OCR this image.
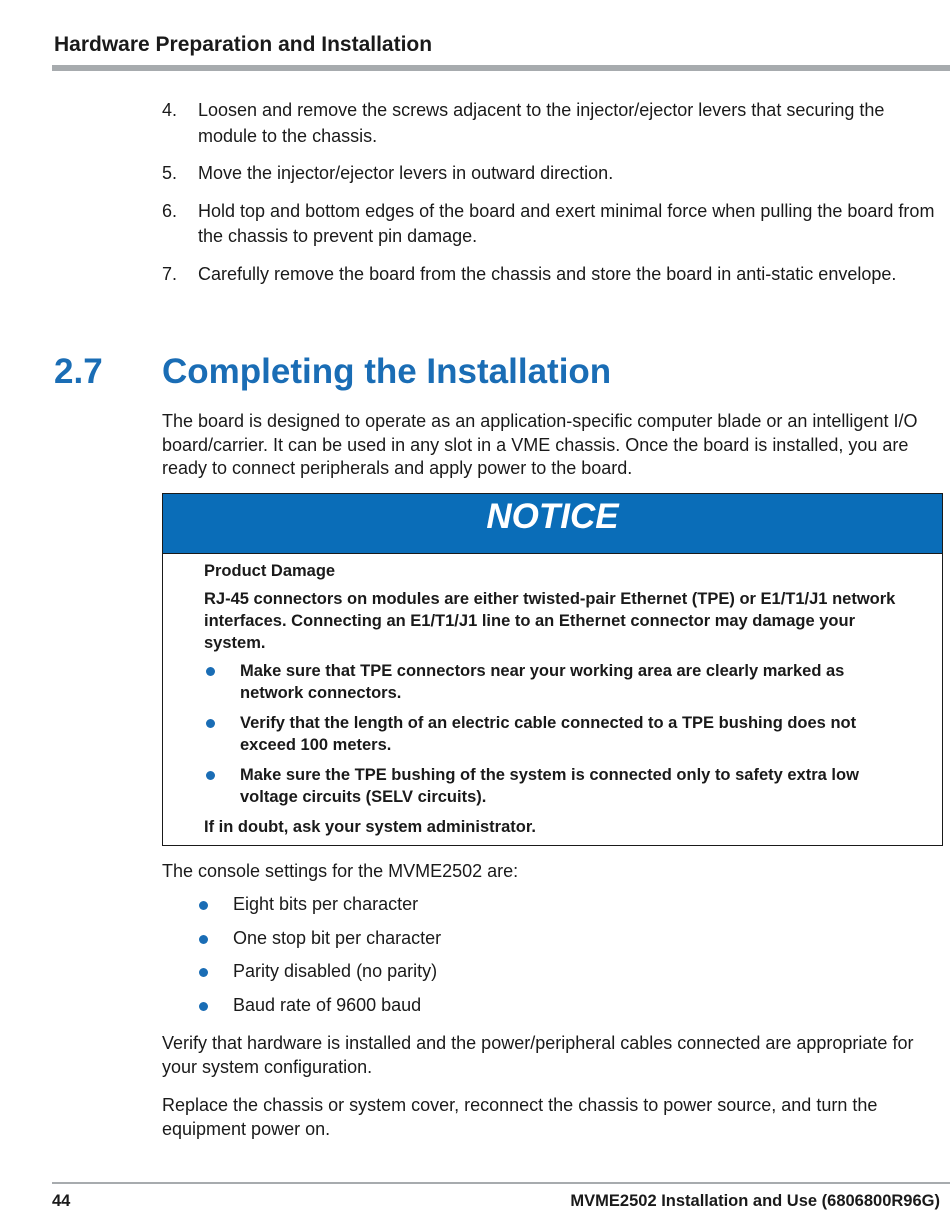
Hardware Preparation and Installation
4. Loosen and remove the screws adjacent to the injector/ejector levers that securing the module to the chassis.
5. Move the injector/ejector levers in outward direction.
6. Hold top and bottom edges of the board and exert minimal force when pulling the board from the chassis to prevent pin damage.
7. Carefully remove the board from the chassis and store the board in anti-static envelope.
2.7 Completing the Installation
The board is designed to operate as an application-specific computer blade or an intelligent I/O board/carrier. It can be used in any slot in a VME chassis. Once the board is installed, you are ready to connect peripherals and apply power to the board.
NOTICE

Product Damage

RJ-45 connectors on modules are either twisted-pair Ethernet (TPE) or E1/T1/J1 network interfaces. Connecting an E1/T1/J1 line to an Ethernet connector may damage your system.

Make sure that TPE connectors near your working area are clearly marked as network connectors.
Verify that the length of an electric cable connected to a TPE bushing does not exceed 100 meters.
Make sure the TPE bushing of the system is connected only to safety extra low voltage circuits (SELV circuits).

If in doubt, ask your system administrator.

The console settings for the MVME2502 are:
Eight bits per character
One stop bit per character
Parity disabled (no parity)
Baud rate of 9600 baud
Verify that hardware is installed and the power/peripheral cables connected are appropriate for your system configuration.
Replace the chassis or system cover, reconnect the chassis to power source, and turn the equipment power on.
44	MVME2502 Installation and Use (6806800R96G)
